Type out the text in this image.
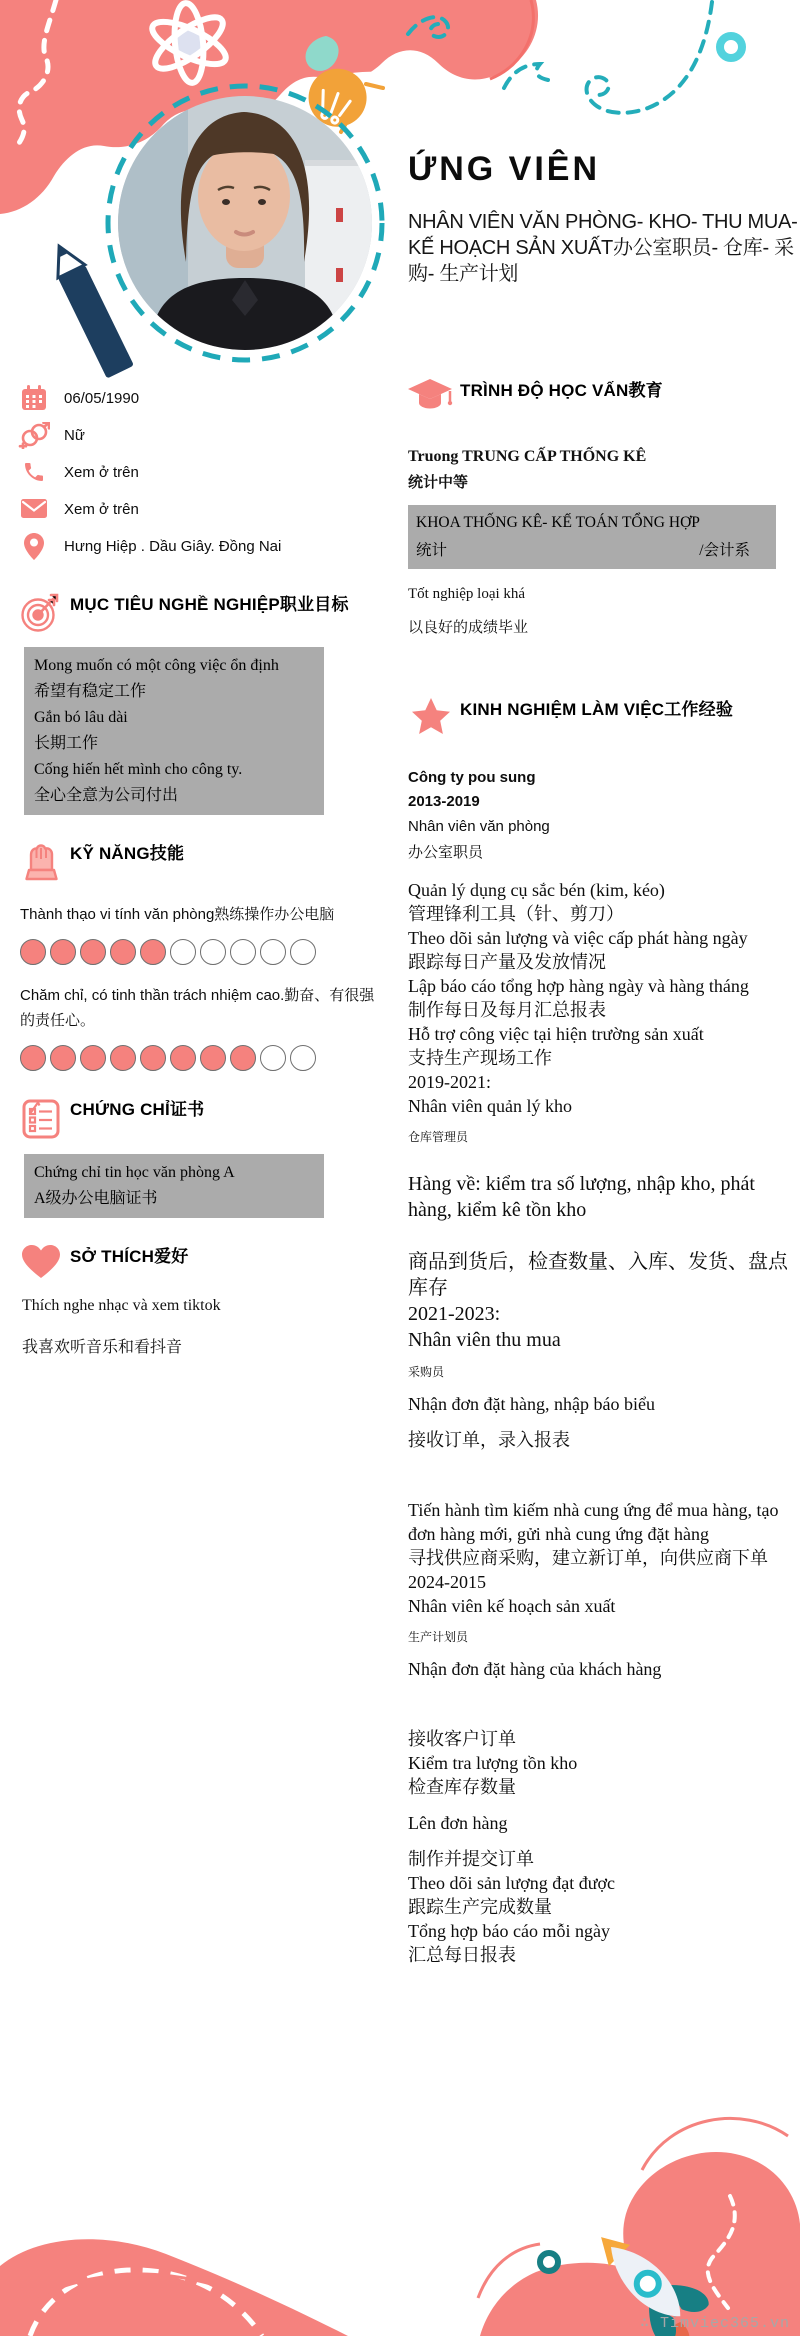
ỨNG VIÊN
NHÂN VIÊN VĂN PHÒNG- KHO- THU MUA-
KẾ HOẠCH SẢN XUẤT办公室职员- 仓库- 采
购- 生产计划
06/05/1990
Nữ
Xem ở trên
Xem ở trên
Hưng Hiệp . Dầu Giây. Đồng Nai
MỤC TIÊU NGHỀ NGHIỆP职业目标

Mong muốn có một công việc ổn định

希望有稳定工作

Gắn bó lâu dài

长期工作

Cống hiến hết mình cho công ty.

全心全意为公司付出

KỸ NĂNG技能

Thành thạo vi tính văn phòng熟练操作办公电脑

Chăm chỉ, có tinh thần trách nhiệm cao.勤奋、有很强的责任心。

CHỨNG CHỈ证书

Chứng chỉ tin học văn phòng A

A级办公电脑证书

SỞ THÍCH爱好

Thích nghe nhạc và xem tiktok

我喜欢听音乐和看抖音

TRÌNH ĐỘ HỌC VẤN教育

Truong TRUNG CẤP THỐNG KÊ

统计中等

KHOA THỐNG KÊ- KẾ TOÁN TỔNG HỢP

统计	/会计系

Tốt nghiệp loại khá

以良好的成绩毕业

KINH NGHIỆM LÀM VIỆC工作经验

Công ty pou sung

2013-2019

Nhân viên văn phòng

办公室职员

Quản lý dụng cụ sắc bén (kim, kéo)

管理锋利工具（针、剪刀）

Theo dõi sản lượng và việc cấp phát hàng ngày

跟踪每日产量及发放情况

Lập báo cáo tổng hợp hàng ngày và hàng tháng

制作每日及每月汇总报表

Hỗ trợ công việc tại hiện trường sản xuất

支持生产现场工作

2019-2021:

Nhân viên quản lý kho

仓库管理员

Hàng về: kiểm tra số lượng, nhập kho, phát hàng, kiểm kê tồn kho

商品到货后，检查数量、入库、发货、盘点库存

2021-2023:

Nhân viên thu mua

采购员

Nhận đơn đặt hàng, nhập báo biểu

接收订单，录入报表

Tiến hành tìm kiếm nhà cung ứng để mua hàng, tạo đơn hàng mới, gửi nhà cung ứng đặt hàng

寻找供应商采购，建立新订单，向供应商下单

2024-2015

Nhân viên kế hoạch sản xuất

生产计划员

Nhận đơn đặt hàng của khách hàng

接收客户订单

Kiểm tra lượng tồn kho

检查库存数量

Lên đơn hàng

制作并提交订单

Theo dõi sản lượng đạt được

跟踪生产完成数量

Tổng hợp báo cáo mỗi ngày

汇总每日报表

∴ Timviec365.vn
